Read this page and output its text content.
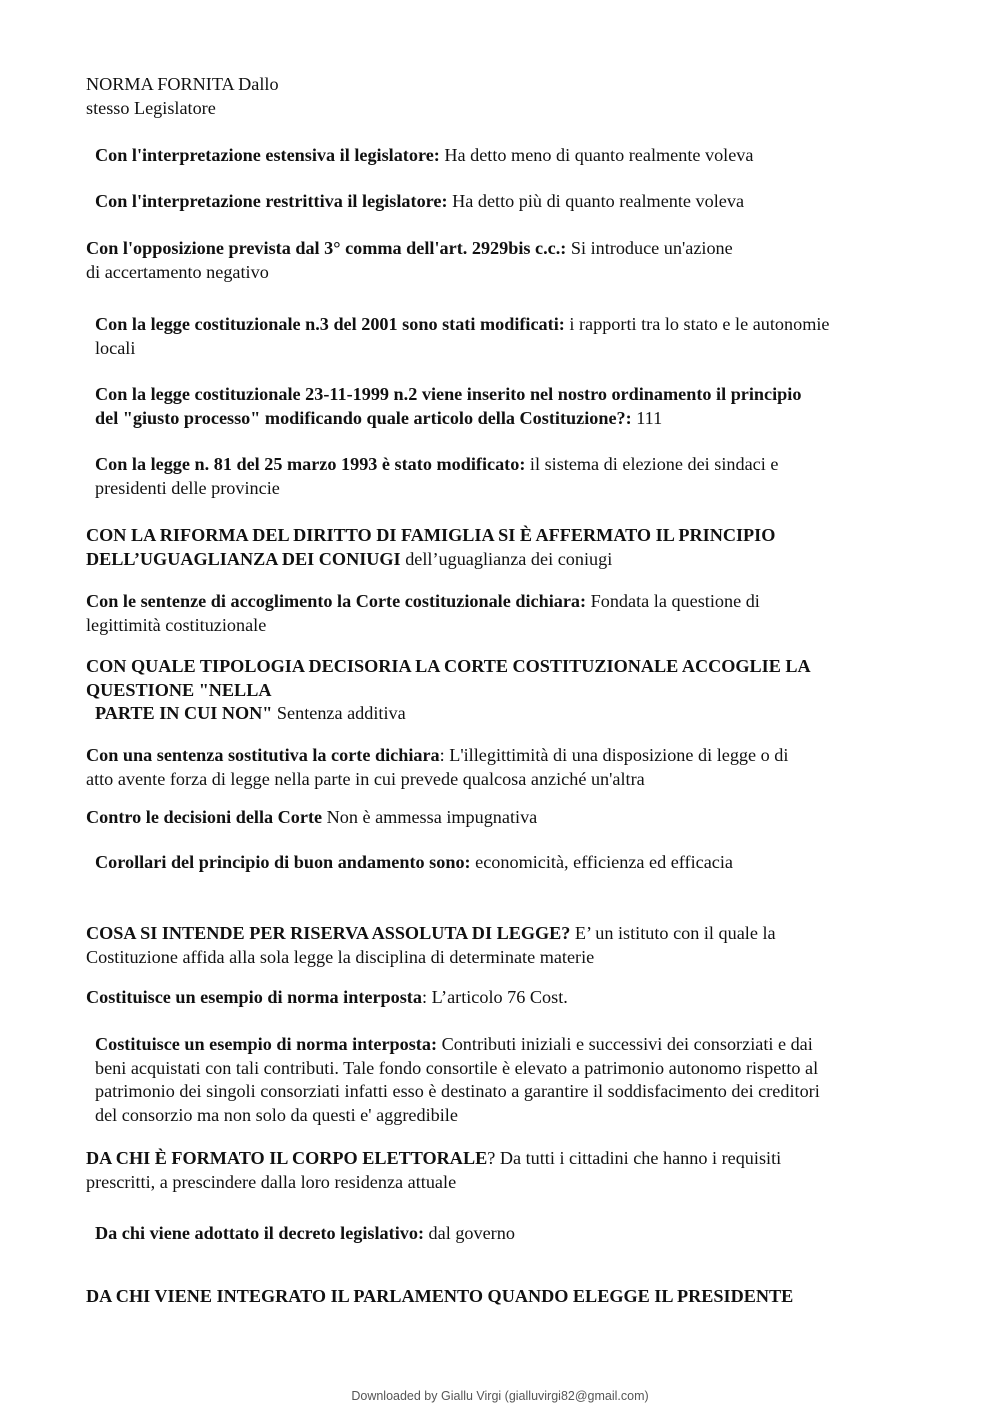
NORMA FORNITA Dallo
stesso Legislatore
Con l'interpretazione estensiva il legislatore: Ha detto meno di quanto realmente voleva
Con l'interpretazione restrittiva il legislatore: Ha detto più di quanto realmente voleva
Con l'opposizione prevista dal 3° comma dell'art. 2929bis c.c.: Si introduce un'azione
di accertamento negativo
Con la legge costituzionale n.3 del 2001 sono stati modificati: i rapporti tra lo stato e le autonomie
locali
Con la legge costituzionale 23-11-1999 n.2 viene inserito nel nostro ordinamento il principio
del "giusto processo" modificando quale articolo della Costituzione?: 111
Con la legge n. 81 del 25 marzo 1993 è stato modificato: il sistema di elezione dei sindaci e
presidenti delle provincie
CON LA RIFORMA DEL DIRITTO DI FAMIGLIA SI È AFFERMATO IL PRINCIPIO
DELL’UGUAGLIANZA DEI CONIUGI dell’uguaglianza dei coniugi
Con le sentenze di accoglimento la Corte costituzionale dichiara: Fondata la questione di
legittimità costituzionale
CON QUALE TIPOLOGIA DECISORIA LA CORTE COSTITUZIONALE ACCOGLIE LA
QUESTIONE "NELLA
PARTE IN CUI NON" Sentenza additiva
Con una sentenza sostitutiva la corte dichiara: L'illegittimità di una disposizione di legge o di
atto avente forza di legge nella parte in cui prevede qualcosa anziché un'altra
Contro le decisioni della Corte Non è ammessa impugnativa
Corollari del principio di buon andamento sono: economicità, efficienza ed efficacia
COSA SI INTENDE PER RISERVA ASSOLUTA DI LEGGE? E’ un istituto con il quale la
Costituzione affida alla sola legge la disciplina di determinate materie
Costituisce un esempio di norma interposta: L’articolo 76 Cost.
Costituisce un esempio di norma interposta: Contributi iniziali e successivi dei consorziati e dai
beni acquistati con tali contributi. Tale fondo consortile è elevato a patrimonio autonomo rispetto al
patrimonio dei singoli consorziati infatti esso è destinato a garantire il soddisfacimento dei creditori
del consorzio ma non solo da questi e' aggredibile
DA CHI È FORMATO IL CORPO ELETTORALE? Da tutti i cittadini che hanno i requisiti
prescritti, a prescindere dalla loro residenza attuale
Da chi viene adottato il decreto legislativo: dal governo
DA CHI VIENE INTEGRATO IL PARLAMENTO QUANDO ELEGGE IL PRESIDENTE
Downloaded by Giallu Virgi (gialluvirgi82@gmail.com)
